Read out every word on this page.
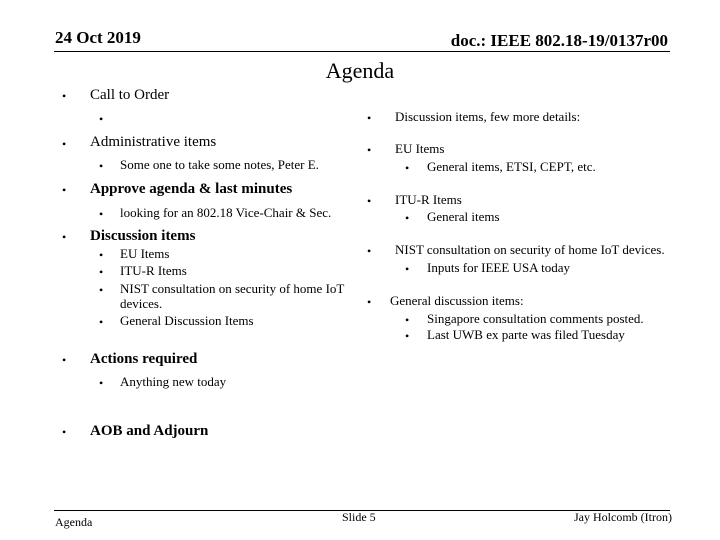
24 Oct 2019	doc.: IEEE 802.18-19/0137r00
Agenda
• Call to Order
•
• Administrative items
• Some one to take some notes, Peter E.
• Approve agenda & last minutes
• looking for an 802.18 Vice-Chair & Sec.
• Discussion items
• EU Items
• ITU-R Items
• NIST consultation on security of home IoT
devices.
• General Discussion Items
• Actions required
• Anything new today
• AOB and Adjourn
• Discussion items, few more details:
• EU Items
• General items, ETSI, CEPT, etc.
• ITU-R Items
• General items
• NIST consultation on security of home IoT devices.
• Inputs for IEEE USA today
• General discussion items:
• Singapore consultation comments posted.
• Last UWB ex parte was filed Tuesday
Agenda	Slide 5	Jay Holcomb (Itron)
